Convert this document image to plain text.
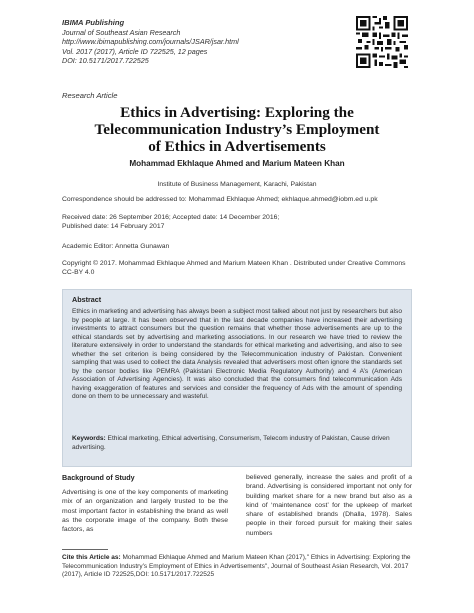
IBIMA Publishing
Journal of Southeast Asian Research
http://www.ibimapublishing.com/journals/JSAR/jsar.html
Vol. 2017 (2017), Article ID 722525, 12 pages
DOI: 10.5171/2017.722525
Research Article
Ethics in Advertising: Exploring the
Telecommunication Industry’s Employment
of Ethics in Advertisements
Mohammad Ekhlaque Ahmed and Marium Mateen Khan
Institute of Business Management, Karachi, Pakistan
Correspondence should be addressed to: Mohammad Ekhlaque Ahmed; ekhlaque.ahmed@iobm.ed u.pk
Received date: 26 September 2016; Accepted date: 14 December 2016;
Published date: 14 February 2017
Academic Editor: Annetta Gunawan
Copyright © 2017. Mohammad Ekhlaque Ahmed and Marium Mateen Khan . Distributed under Creative Commons CC-BY 4.0
Abstract
Ethics in marketing and advertising has always been a subject most talked about not just by researchers but also by people at large. It has been observed that in the last decade companies have increased their advertising investments to attract consumers but the question remains that whether those advertisements are up to the ethical standards set by advertising and marketing associations. In our research we have tried to review the literature extensively in order to understand the standards for ethical marketing and advertising, and also to see whether the set criterion is being considered by the Telecommunication industry of Pakistan. Convenient sampling that was used to collect the data Analysis revealed that advertisers most often ignore the standards set by the censor bodies like PEMRA (Pakistani Electronic Media Regulatory Authority) and 4 A’s (American Association of Advertising Agencies). It was also concluded that the consumers find telecommunication Ads having exaggeration of features and services and consider the frequency of Ads with the amount of spending done on them to be unnecessary and wasteful.
Keywords: Ethical marketing, Ethical advertising, Consumerism, Telecom industry of Pakistan, Cause driven advertising.
Background of Study
Advertising is one of the key components of marketing mix of an organization and largely trusted to be the most important factor in establishing the brand as well as the corporate image of the company. Both these factors, as
believed generally, increase the sales and profit of a brand. Advertising is considered important not only for building market share for a new brand but also as a kind of ‘maintenance cost’ for the upkeep of market share of established brands (Dhalla, 1978). Sales people in their forced pursuit for making their sales numbers
Cite this Article as: Mohammad Ekhlaque Ahmed and Marium Mateen Khan (2017)," Ethics in Advertising: Exploring the Telecommunication Industry’s Employment of Ethics in Advertisements", Journal of Southeast Asian Research, Vol. 2017 (2017), Article ID 722525,DOI: 10.5171/2017.722525
